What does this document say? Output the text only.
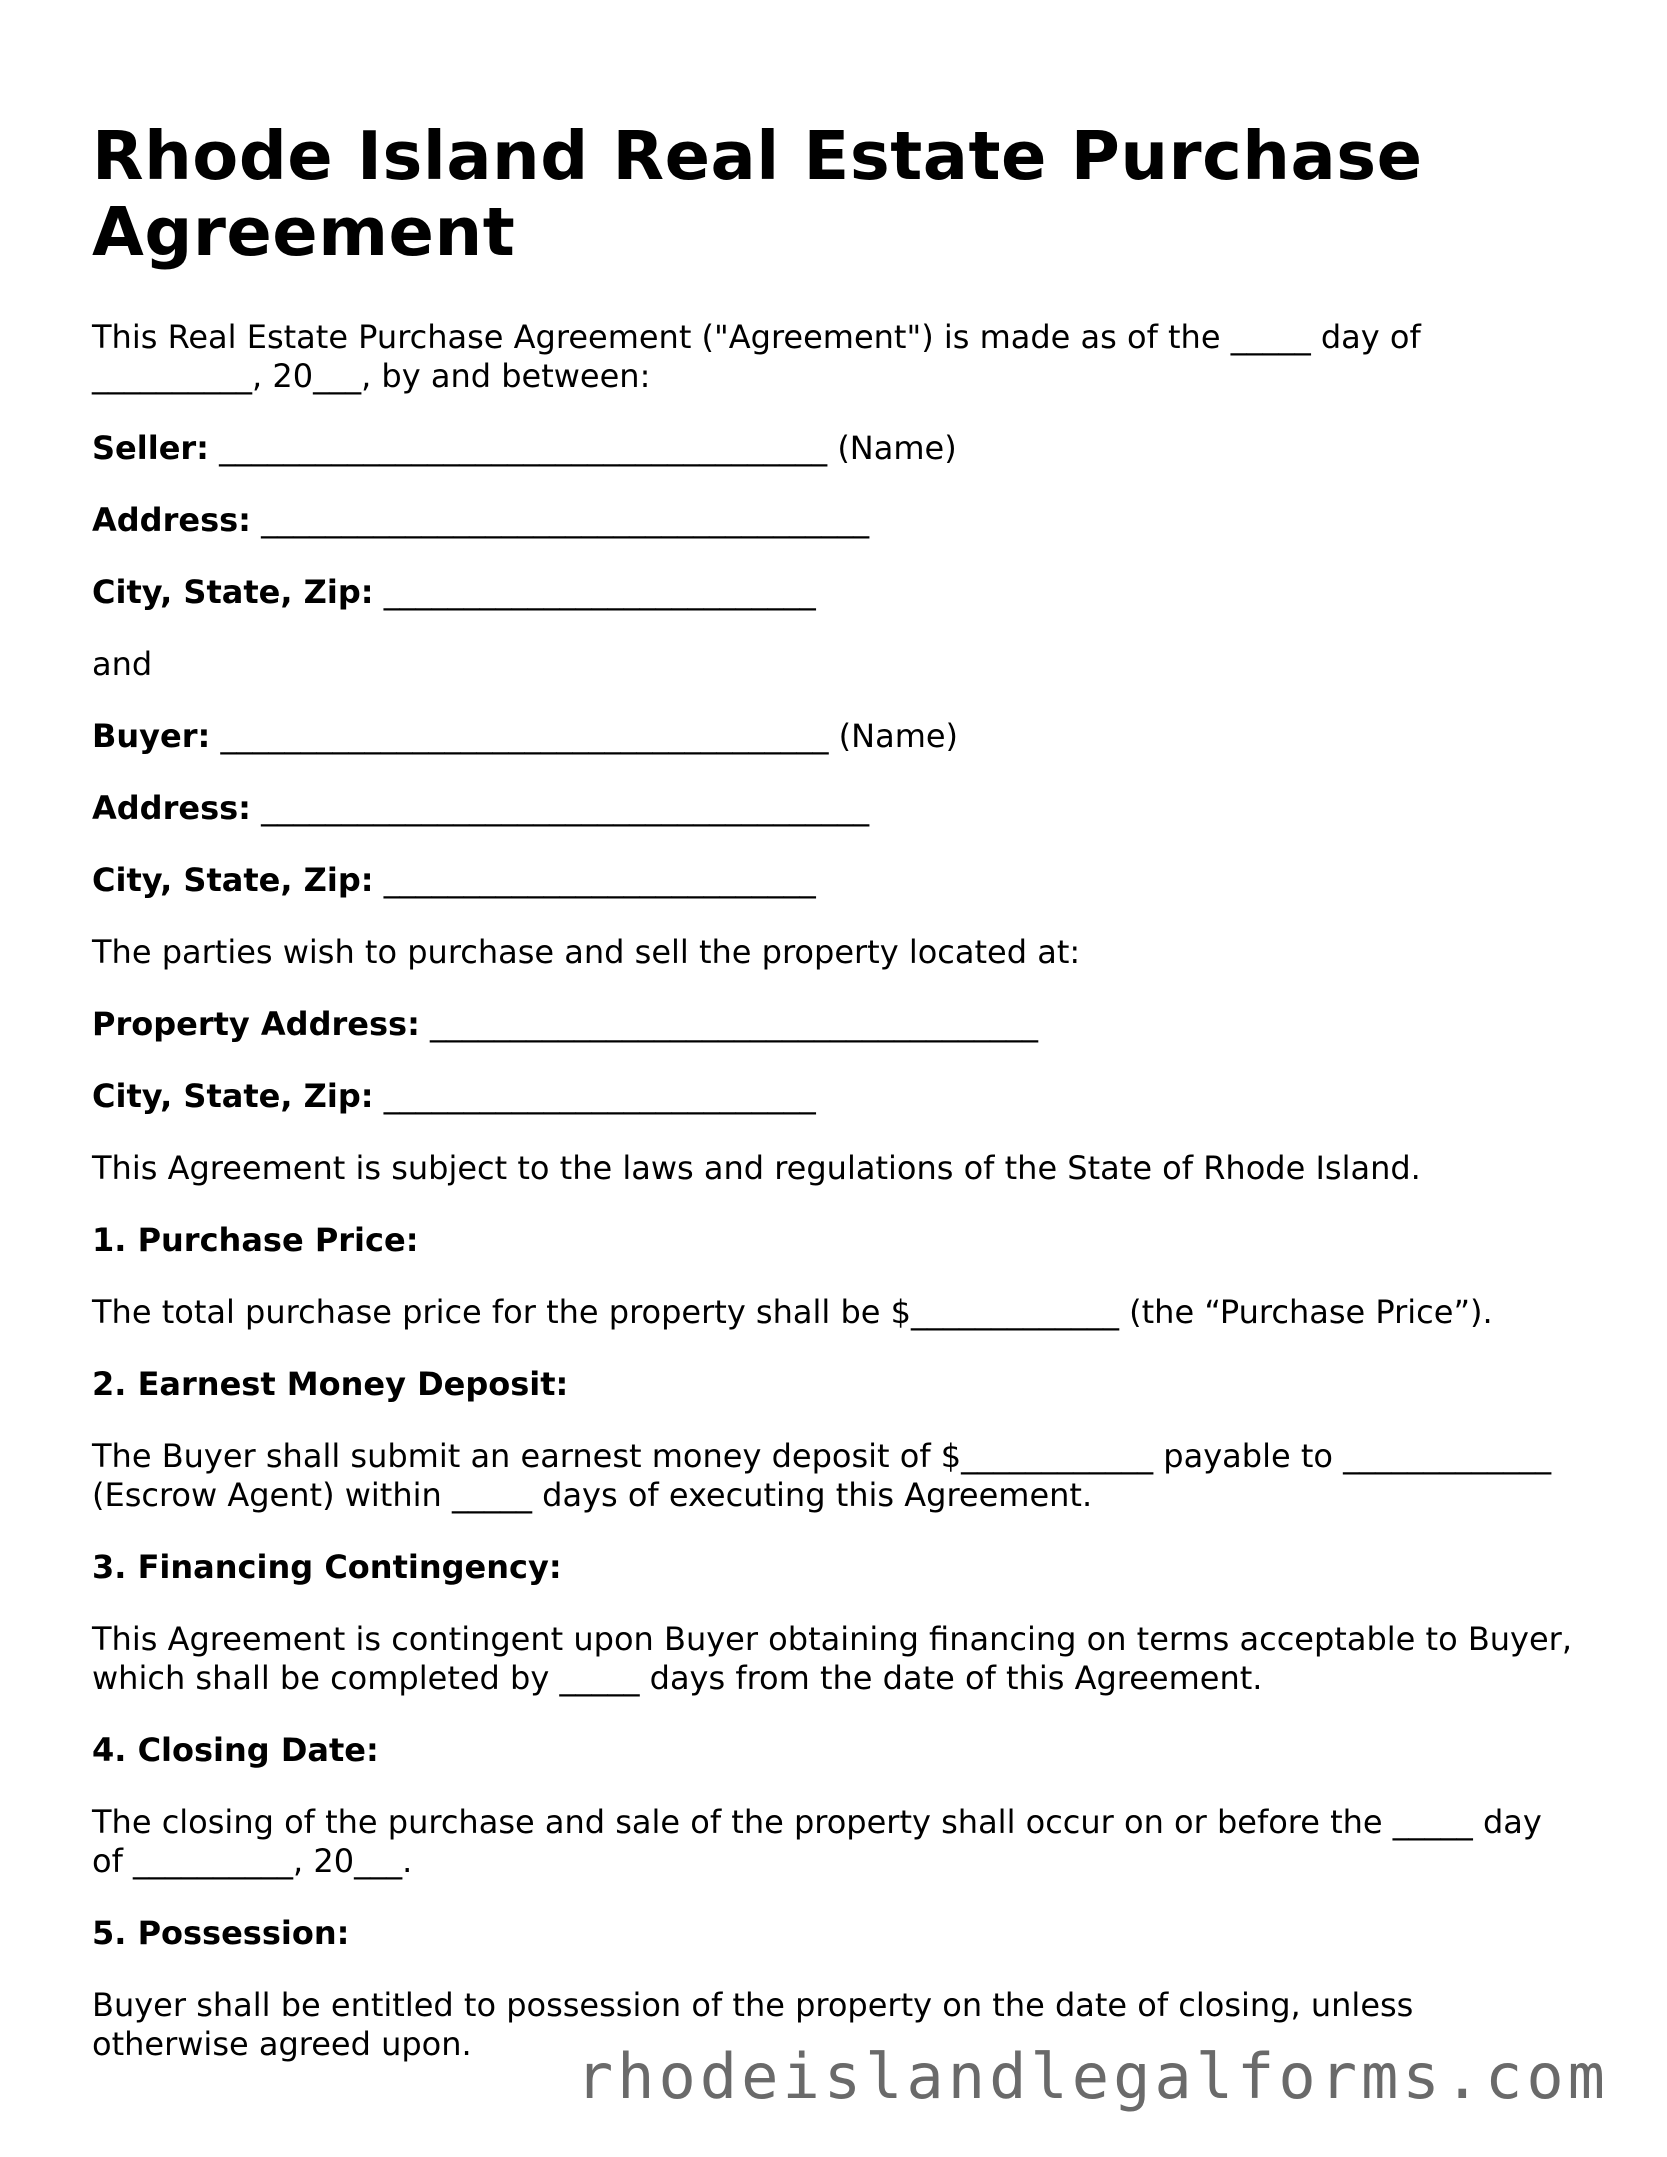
Rhode Island Real Estate Purchase Agreement
This Real Estate Purchase Agreement ("Agreement") is made as of the _____ day of __________, 20___, by and between:
Seller: ______________________________________ (Name)
Address: ______________________________________
City, State, Zip: ___________________________
and
Buyer: ______________________________________ (Name)
Address: ______________________________________
City, State, Zip: ___________________________
The parties wish to purchase and sell the property located at:
Property Address: ______________________________________
City, State, Zip: ___________________________
This Agreement is subject to the laws and regulations of the State of Rhode Island.
1. Purchase Price:
The total purchase price for the property shall be $_____________ (the “Purchase Price”).
2. Earnest Money Deposit:
The Buyer shall submit an earnest money deposit of $____________ payable to _____________ (Escrow Agent) within _____ days of executing this Agreement.
3. Financing Contingency:
This Agreement is contingent upon Buyer obtaining financing on terms acceptable to Buyer, which shall be completed by _____ days from the date of this Agreement.
4. Closing Date:
The closing of the purchase and sale of the property shall occur on or before the _____ day of __________, 20___.
5. Possession:
Buyer shall be entitled to possession of the property on the date of closing, unless otherwise agreed upon.	rhodeislandlegalforms.com
